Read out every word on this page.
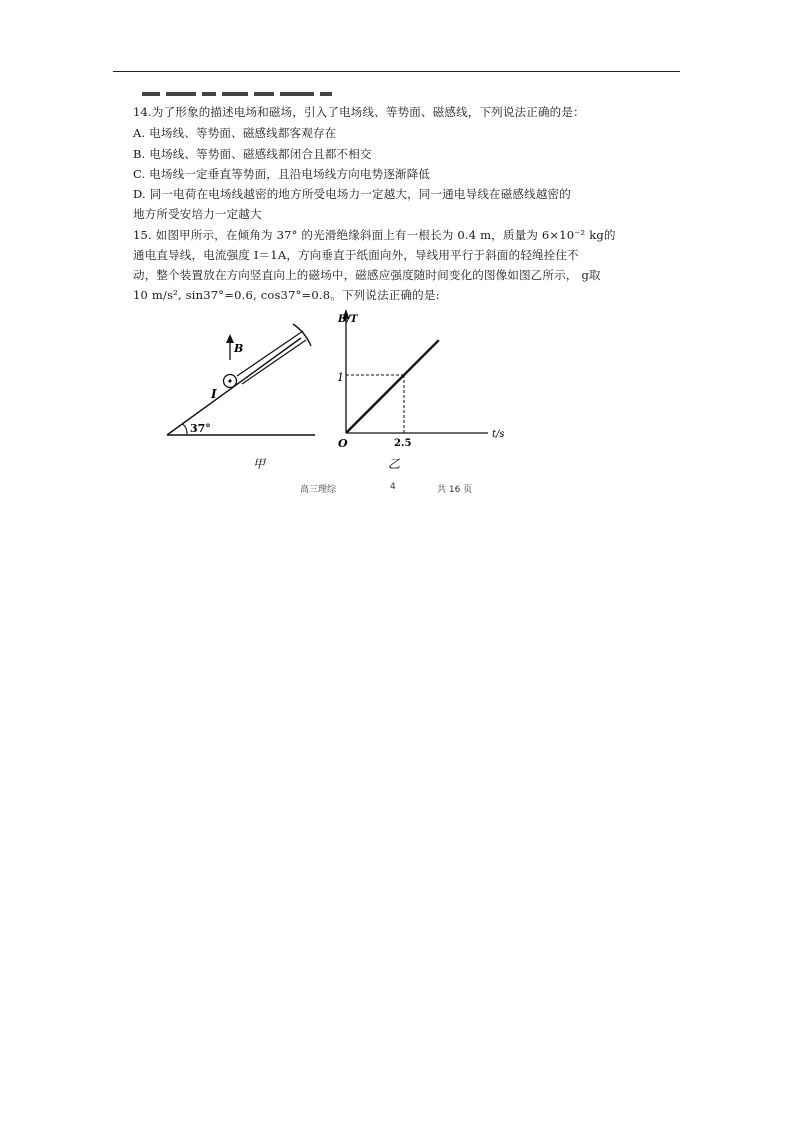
14.为了形象的描述电场和磁场，引入了电场线、等势面、磁感线，下列说法正确的是：
A. 电场线、等势面、磁感线都客观存在
B. 电场线、等势面、磁感线都闭合且都不相交
C. 电场线一定垂直等势面，且沿电场线方向电势逐渐降低
D. 同一电荷在电场线越密的地方所受电场力一定越大，同一通电导线在磁感线越密的
地方所受安培力一定越大
15. 如图甲所示，在倾角为 37° 的光滑绝缘斜面上有一根长为 0.4 m，质量为 6×10⁻² kg的
通电直导线，电流强度 I＝1A，方向垂直于纸面向外，导线用平行于斜面的轻绳拴住不
动，整个装置放在方向竖直向上的磁场中，磁感应强度随时间变化的图像如图乙所示， g取
10 m/s², sin37°=0.6, cos37°=0.8。下列说法正确的是:
B
I
37°
甲
B/T
t/s
O
1
2.5
乙
高三理综	4	共 16 页
